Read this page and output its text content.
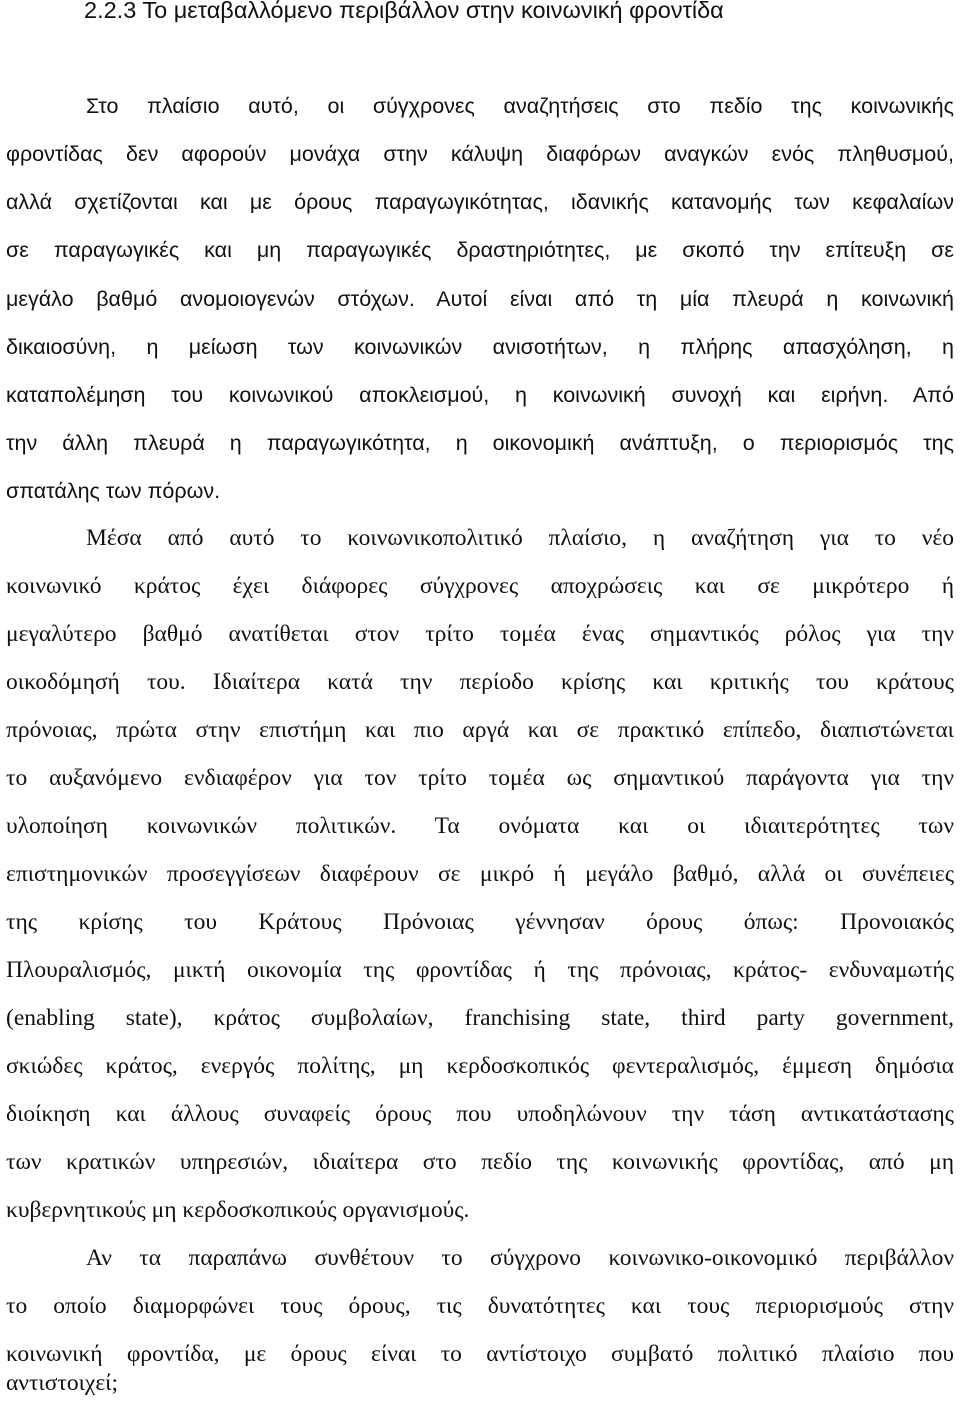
2.2.3 Το μεταβαλλόμενο περιβάλλον στην κοινωνική φροντίδα
Στο πλαίσιο αυτό, οι σύγχρονες αναζητήσεις στο πεδίο της κοινωνικής
φροντίδας δεν αφορούν μονάχα στην κάλυψη διαφόρων αναγκών ενός πληθυσμού,
αλλά σχετίζονται και με όρους παραγωγικότητας, ιδανικής κατανομής των κεφαλαίων
σε παραγωγικές και μη παραγωγικές δραστηριότητες, με σκοπό την επίτευξη σε
μεγάλο βαθμό ανομοιογενών στόχων. Αυτοί είναι από τη μία πλευρά η κοινωνική
δικαιοσύνη, η μείωση των κοινωνικών ανισοτήτων, η πλήρης απασχόληση, η
καταπολέμηση του κοινωνικού αποκλεισμού, η κοινωνική συνοχή και ειρήνη. Από
την άλλη πλευρά η παραγωγικότητα, η οικονομική ανάπτυξη, ο περιορισμός της
σπατάλης των πόρων.
Μέσα από αυτό το κοινωνικοπολιτικό πλαίσιο, η αναζήτηση για το νέο
κοινωνικό κράτος έχει διάφορες σύγχρονες αποχρώσεις και σε μικρότερο ή
μεγαλύτερο βαθμό ανατίθεται στον τρίτο τομέα ένας σημαντικός ρόλος για την
οικοδόμησή του. Ιδιαίτερα κατά την περίοδο κρίσης και κριτικής του κράτους
πρόνοιας, πρώτα στην επιστήμη και πιο αργά και σε πρακτικό επίπεδο, διαπιστώνεται
το αυξανόμενο ενδιαφέρον για τον τρίτο τομέα ως σημαντικού παράγοντα για την
υλοποίηση κοινωνικών πολιτικών. Τα ονόματα και οι ιδιαιτερότητες των
επιστημονικών προσεγγίσεων διαφέρουν σε μικρό ή μεγάλο βαθμό, αλλά οι συνέπειες
της κρίσης του Κράτους Πρόνοιας γέννησαν όρους όπως: Προνοιακός
Πλουραλισμός, μικτή οικονομία της φροντίδας ή της πρόνοιας, κράτος- ενδυναμωτής
(enabling state), κράτος συμβολαίων, franchising state, third party government,
σκιώδες κράτος, ενεργός πολίτης, μη κερδοσκοπικός φεντεραλισμός, έμμεση δημόσια
διοίκηση και άλλους συναφείς όρους που υποδηλώνουν την τάση αντικατάστασης
των κρατικών υπηρεσιών, ιδιαίτερα στο πεδίο της κοινωνικής φροντίδας, από μη
κυβερνητικούς μη κερδοσκοπικούς οργανισμούς.
Αν τα παραπάνω συνθέτουν το σύγχρονο κοινωνικο-οικονομικό περιβάλλον
το οποίο διαμορφώνει τους όρους, τις δυνατότητες και τους περιορισμούς στην
κοινωνική φροντίδα, με όρους είναι το αντίστοιχο συμβατό πολιτικό πλαίσιο που
αντιστοιχεί;
